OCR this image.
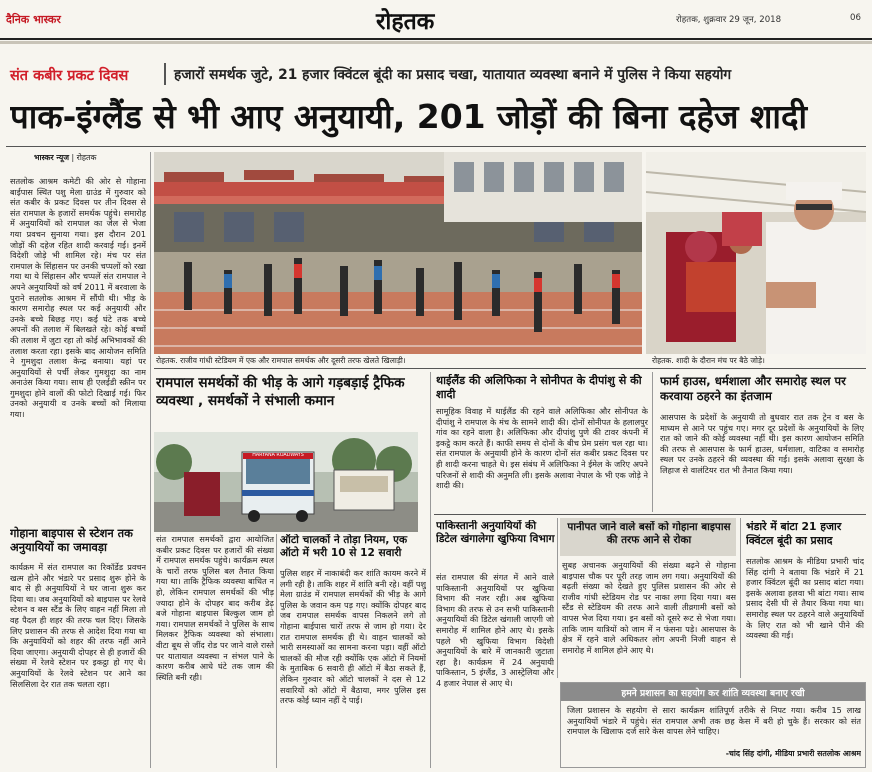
दैनिक भास्कर	रोहतक	रोहतक, शुक्रवार 29 जून, 2018	06
संत कबीर प्रकट दिवस	हजारों समर्थक जुटे, 21 हजार क्विंटल बूंदी का प्रसाद चखा, यातायात व्यवस्था बनाने में पुलिस ने किया सहयोग
पाक-इंग्लैंड से भी आए अनुयायी, 201 जोड़ों की बिना दहेज शादी
भास्कर न्यूज | रोहतक
सतलोक आश्रम कमेटी की ओर से गोहाना बाईपास स्थित पशु मेला ग्राउंड में गुरुवार को संत कबीर के प्रकट दिवस पर तीन दिवस से संत रामपाल के हजारों समर्थक पहुंचे। समारोह में अनुयायियों को रामपाल का जेल से भेजा गया प्रवचन सुनाया गया। इस दौरान 201 जोड़ों की दहेज रहित शादी करवाई गई। इनमें विदेशी जोड़े भी शामिल रहे। मंच पर संत रामपाल के सिंहासन पर उनकी चप्पलों को रखा गया था ये सिंहासन और चप्पलें संत रामपाल ने अपने अनुयायियों को वर्ष 2011 में बरवाला के पुराने सतलोक आश्रम में सौंपी थी। भीड़ के कारण समारोह स्थल पर कई अनुयायी और उनके बच्चे बिछड़ गए। कई घंटे तक बच्चे अपनों की तलाश में बिलखते रहे। कोई बच्चों की तलाश में जुटा रहा तो कोई अभिभावकों की तलाश करता रहा। इसके बाद आयोजन समिति ने गुमशुदा तलाश केन्द्र बनाया। यहां पर अनुयायियों से पर्ची लेकर गुमशुदा का नाम अनाउंस किया गया। साथ ही एलईडी स्क्रीन पर गुमशुदा होने वालों की फोटो दिखाई गई। फिर उनको अनुयायी व उनके बच्चों को मिलाया गया।
गोहाना बाइपास से स्टेशन तक अनुयायियों का जमावड़ा
कार्यक्रम में संत रामपाल का रिकॉर्डेड प्रवचन खत्म होने और भंडारे पर प्रसाद शुरू होने के बाद से ही अनुयायियों ने घर जाना शुरू कर दिया था। जब अनुयायियों को बाइपास पर रेलवे स्टेशन व बस स्टैंड के लिए वाहन नहीं मिला तो वह पैदल ही शहर की तरफ चल दिए। जिसके लिए प्रशासन की तरफ से आदेश दिया गया था कि अनुयायियों को शहर की तरफ नहीं आने दिया जाएगा। अनुयायी दोपहर से ही हजारों की संख्या में रेलवे स्टेशन पर इकट्ठा हो गए थे। अनुयायियों के रेलवे स्टेशन पर आने का सिलसिला देर रात तक चलता रहा।
रोहतक. राजीव गांधी स्टेडियम में एक और रामपाल समर्थक और दूसरी तरफ खेलते खिलाड़ी।	रोहतक. शादी के दौरान मंच पर बैठे जोड़े।
रामपाल समर्थकों की भीड़ के आगे गड़बड़ाई ट्रैफिक व्यवस्था , समर्थकों ने संभाली कमान
HARYANA ROADWAYS
संत रामपाल समर्थकों द्वारा आयोजित कबीर प्रकट दिवस पर हजारों की संख्या में रामपाल समर्थक पहुंचे। कार्यक्रम स्थल के चारों तरफ पुलिस बल तैनात किया गया था। ताकि ट्रैफिक व्यवस्था बाधित न हो, लेकिन रामपाल समर्थकों की भीड़ ज्यादा होने के दोपहर बाद करीब डेढ़ बजे गोहाना बाइपास बिल्कुल जाम हो गया। रामपाल समर्थकों ने पुलिस के साथ मिलकर ट्रैफिक व्यवस्था को संभाला। वीटा बूथ से जींद रोड पर जाने वाले रास्ते पर यातायात व्यवस्था न संभल पाने के कारण करीब आधे घंटे तक जाम की स्थिति बनी रही।
ऑटो चालकों ने तोड़ा नियम, एक ऑटो में भरी 10 से 12 सवारी
पुलिस शहर में नाकाबंदी कर शांति कायम करने में लगी रही है। ताकि शहर में शांति बनी रहे। वहीं पशु मेला ग्राउंड में रामपाल समर्थकों की भीड़ के आगे पुलिस के जवान कम पड़ गए। क्योंकि दोपहर बाद जब रामपाल समर्थक वापस निकलने लगे तो गोहाना बाईपास चारों तरफ से जाम हो गया। देर रात रामपाल समर्थक ही थे। वाहन चालकों को भारी समस्याओं का सामना करना पड़ा। वहीं ऑटो चालकों की मौज रही क्योंकि एक ऑटो में नियमों के मुताबिक 6 सवारी ही ऑटो में बैठा सकते हैं, लेकिन गुरुवार को ऑटो चालकों ने दस से 12 सवारियों को ऑटो में बैठाया, मगर पुलिस इस तरफ कोई ध्यान नहीं दे पाई।
थाईलैंड की अलिफिका ने सोनीपत के दीपांशु से की शादी
सामूहिक विवाह में थाईलैंड की रहने वाले अलिफिका और सोनीपत के दीपांशु ने रामपाल के मंच के सामने शादी की। दोनों सोनीपत के हलालपुर गांव का रहने वाला है। अलिफिका और दीपांशु पुणे की टावर कंपनी में इकट्ठे काम करते हैं। काफी समय से दोनों के बीच प्रेम प्रसंग चल रहा था। संत रामपाल के अनुयायी होने के कारण दोनों संत कबीर प्रकट दिवस पर ही शादी करना चाहते थे। इस संबंध में अलिफिका ने ईमेल के जरिए अपने परिजनों से शादी की अनुमति ली। इसके अलावा नेपाल के भी एक जोड़े ने शादी की।
फार्म हाउस, धर्मशाला और समारोह स्थल पर करवाया ठहरने का इंतजाम
आसपास के प्रदेशों के अनुयायी तो बुधवार रात तक ट्रेन व बस के माध्यम से आने पर पहुंच गए। मगर दूर प्रदेशों के अनुयायियों के लिए रात को जाने की कोई व्यवस्था नहीं थी। इस कारण आयोजन समिति की तरफ से आसपास के फार्म हाउस, धर्मशाला, वाटिका व समारोह स्थल पर उनके ठहरने की व्यवस्था की गई। इसके अलावा सुरक्षा के लिहाज से वालंटियर रात भी तैनात किया गया।
पाकिस्तानी अनुयायियों की डिटेल खंगालेगा खुफिया विभाग
संत रामपाल की संगत में आने वाले पाकिस्तानी अनुयायियों पर खुफिया विभाग की नजर रही। अब खुफिया विभाग की तरफ से उन सभी पाकिस्तानी अनुयायियों की डिटेल खंगाली जाएगी जो समारोह में शामिल होने आए थे। इसके पहले भी खुफिया विभाग विदेशी अनुयायियों के बारे में जानकारी जुटाता रहा है। कार्यक्रम में 24 अनुयायी पाकिस्तान, 5 इंग्लैंड, 3 आस्ट्रेलिया और 4 हजार नेपाल से आए थे।
पानीपत जाने वाले बसों को गोहाना बाइपास की तरफ आने से रोका
सुबह अचानक अनुयायियों की संख्या बढ़ने से गोहाना बाइपास चौक पर पूरी तरह जाम लग गया। अनुयायियों की बढ़ती संख्या को देखते हुए पुलिस प्रशासन की ओर से राजीव गांधी स्टेडियम रोड पर नाका लगा दिया गया। बस स्टैंड से स्टेडियम की तरफ आने वाली तीव्रगामी बसों को वापस भेज दिया गया। इन बसों को दूसरे रूट से भेजा गया। ताकि जाम यात्रियों को जाम में न फंसना पड़े। आसपास के क्षेत्र में रहने वाले अधिकतर लोग अपनी निजी वाहन से समारोह में शामिल होने आए थे।
भंडारे में बांटा 21 हजार क्विंटल बूंदी का प्रसाद
सतलोक आश्रम के मीडिया प्रभारी चांद सिंह दांगी ने बताया कि भंडारे में 21 हजार क्विंटल बूंदी का प्रसाद बांटा गया। इसके अलावा हलवा भी बांटा गया। साथ प्रसाद देसी घी से तैयार किया गया था। समारोह स्थल पर ठहरने वाले अनुयायियों के लिए रात को भी खाने पीने की व्यवस्था की गई।
हमने प्रशासन का सहयोग कर शांति व्यवस्था बनाए रखी
जिला प्रशासन के सहयोग से सारा कार्यक्रम शांतिपूर्ण तरीके से निपट गया। करीब 15 लाख अनुयायियों भंडारे में पहुंचे। संत रामपाल अभी तक छह केस में बरी हो चुके हैं। सरकार को संत रामपाल के खिलाफ दर्ज सारे केस वापस लेने चाहिए।
-चांद सिंह दांगी, मीडिया प्रभारी सतलोक आश्रम
